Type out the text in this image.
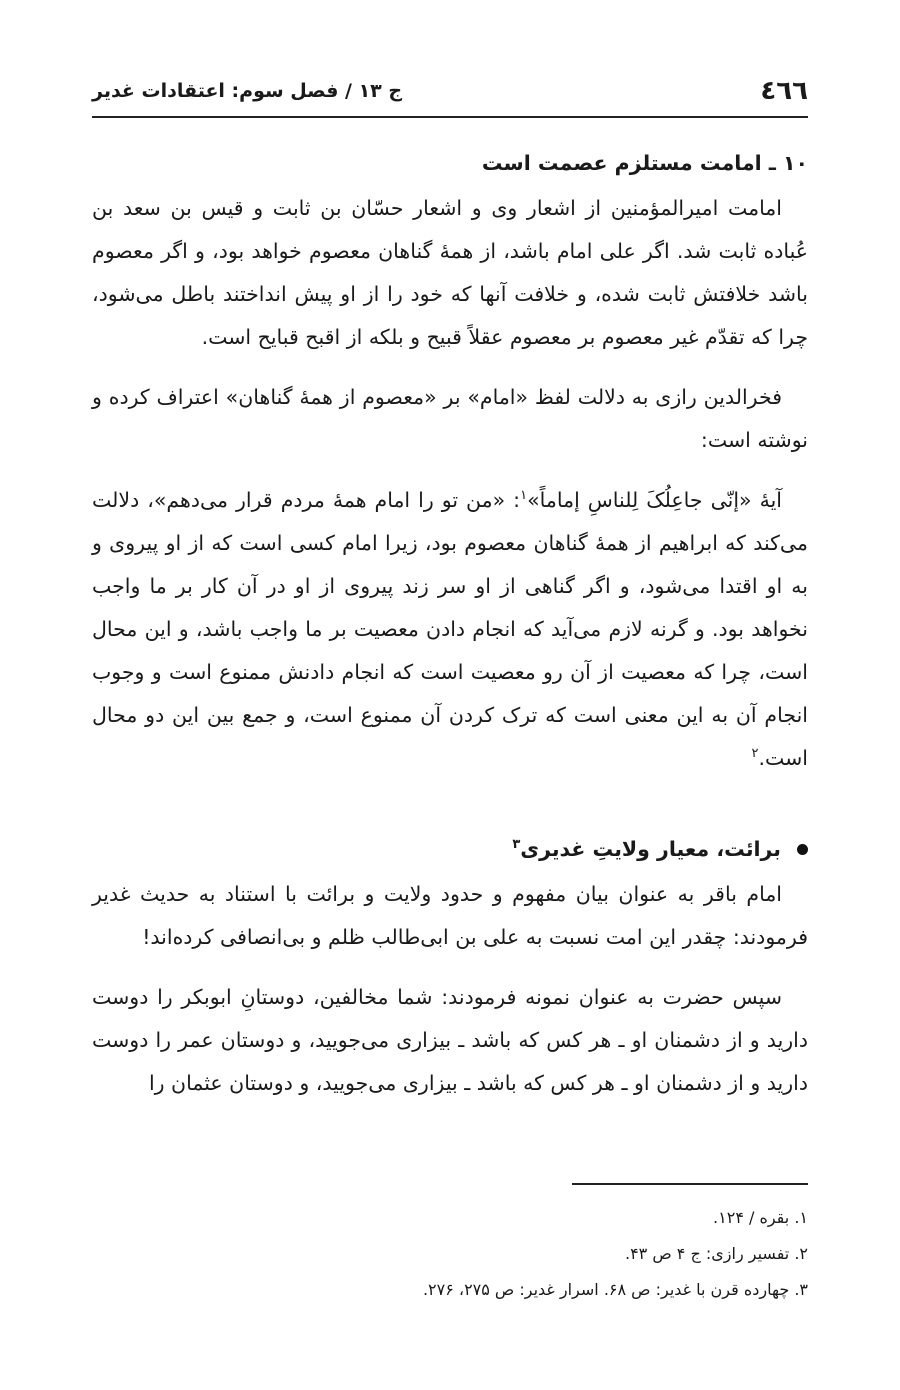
٤٦٦
ج ١٣ / فصل سوم: اعتقادات غدیر
١٠ ـ امامت مستلزم عصمت است

امامت امیرالمؤمنین از اشعار وی و اشعار حسّان بن ثابت و قیس بن سعد بن عُباده ثابت شد. اگر علی امام باشد، از همهٔ گناهان معصوم خواهد بود، و اگر معصوم باشد خلافتش ثابت شده، و خلافت آنها که خود را از او پیش انداختند باطل می‌شود، چرا که تقدّم غیر معصوم بر معصوم عقلاً قبیح و بلکه از اقبح قبایح است.

فخرالدین رازی به دلالت لفظ «امام» بر «معصوم از همهٔ گناهان» اعتراف کرده و نوشته است:

آیهٔ «إنّی جاعِلُکَ لِلناسِ إماماً»$^١$: «من تو را امام همهٔ مردم قرار می‌دهم»، دلالت می‌کند که ابراهیم از همهٔ گناهان معصوم بود، زیرا امام کسی است که از او پیروی و به او اقتدا می‌شود، و اگر گناهی از او سر زند پیروی از او در آن کار بر ما واجب نخواهد بود. و گرنه لازم می‌آید که انجام دادن معصیت بر ما واجب باشد، و این محال است، چرا که معصیت از آن رو معصیت است که انجام دادنش ممنوع است و وجوب انجام آن به این معنی است که ترک کردن آن ممنوع است، و جمع بین این دو محال است.$^٢$

برائت، معیار ولایتِ غدیری$^٣$

امام باقر به عنوان بیان مفهوم و حدود ولایت و برائت با استناد به حدیث غدیر فرمودند: چقدر این امت نسبت به علی بن ابی‌طالب ظلم و بی‌انصافی کرده‌اند!

سپس حضرت به عنوان نمونه فرمودند: شما مخالفین، دوستانِ ابوبکر را دوست دارید و از دشمنان او ـ هر کس که باشد ـ بیزاری می‌جویید، و دوستان عمر را دوست دارید و از دشمنان او ـ هر کس که باشد ـ بیزاری می‌جویید، و دوستان عثمان را

١. بقره / ١٢۴.
٢. تفسیر رازی: ج ۴ ص ۴٣.
٣. چهارده قرن با غدیر: ص ۶٨. اسرار غدیر: ص ٢٧۵، ٢٧۶.
